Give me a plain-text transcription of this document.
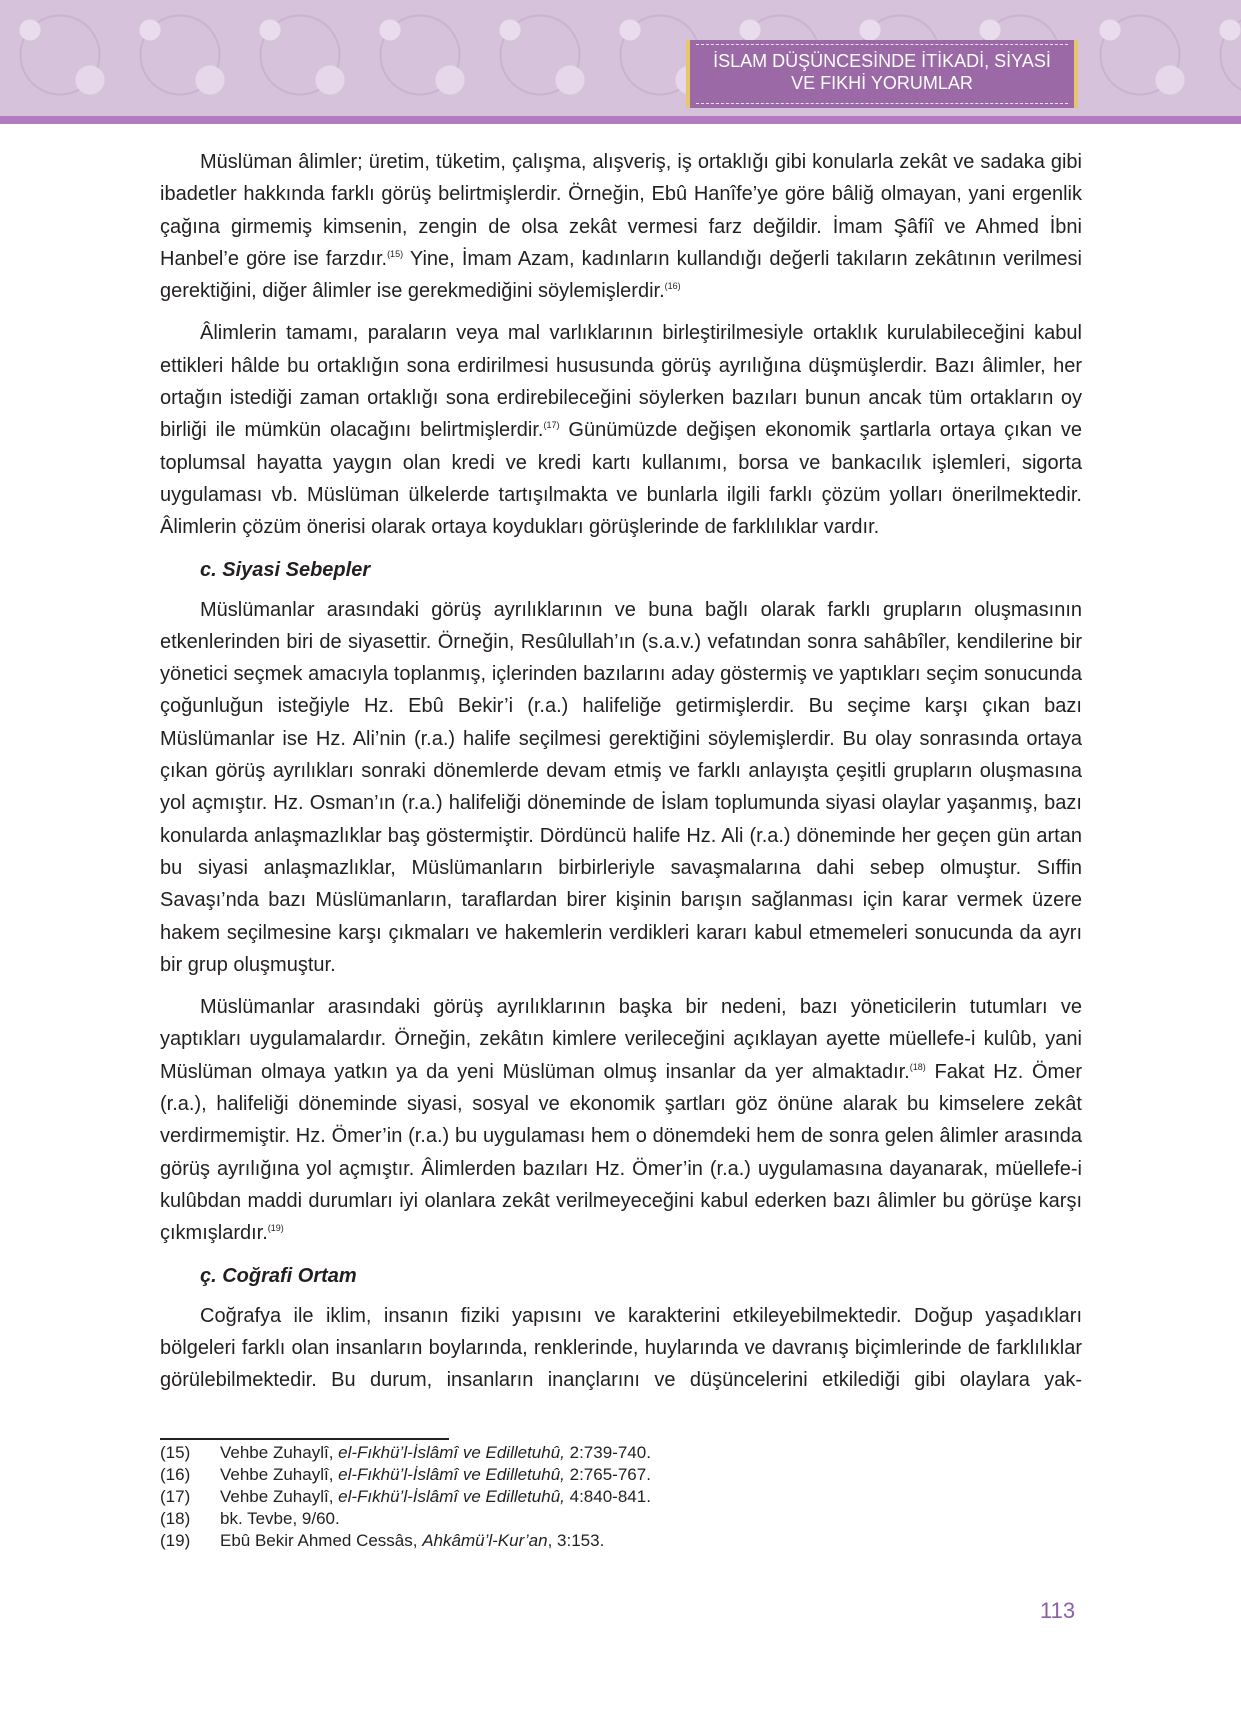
İSLAM DÜŞÜNCESİNDE İTİKADİ, SİYASİ
VE FIKHİ YORUMLAR

Müslüman âlimler; üretim, tüketim, çalışma, alışveriş, iş ortaklığı gibi konularla zekât ve sadaka gibi ibadetler hakkında farklı görüş belirtmişlerdir. Örneğin, Ebû Hanîfe’ye göre bâliğ olmayan, yani ergenlik çağına girmemiş kimsenin, zengin de olsa zekât vermesi farz değildir. İmam Şâfiî ve Ahmed İbni Hanbel’e göre ise farzdır.$^{(15)}$ Yine, İmam Azam, kadınların kullandığı değerli takıların zekâtının verilmesi gerektiğini, diğer âlimler ise gerekmediğini söylemişlerdir.$^{(16)}$

Âlimlerin tamamı, paraların veya mal varlıklarının birleştirilmesiyle ortaklık kurulabileceğini kabul ettikleri hâlde bu ortaklığın sona erdirilmesi hususunda görüş ayrılığına düşmüşlerdir. Bazı âlimler, her ortağın istediği zaman ortaklığı sona erdirebileceğini söylerken bazıları bunun ancak tüm ortakların oy birliği ile mümkün olacağını belirtmişlerdir.$^{(17)}$ Günümüzde değişen ekonomik şartlarla ortaya çıkan ve toplumsal hayatta yaygın olan kredi ve kredi kartı kullanımı, borsa ve bankacılık işlemleri, sigorta uygulaması vb. Müslüman ülkelerde tartışılmakta ve bunlarla ilgili farklı çözüm yolları önerilmektedir. Âlimlerin çözüm önerisi olarak ortaya koydukları görüşlerinde de farklılıklar vardır.

c. Siyasi Sebepler

Müslümanlar arasındaki görüş ayrılıklarının ve buna bağlı olarak farklı grupların oluşmasının etkenlerinden biri de siyasettir. Örneğin, Resûlullah’ın (s.a.v.) vefatından sonra sahâbîler, kendilerine bir yönetici seçmek amacıyla toplanmış, içlerinden bazılarını aday göstermiş ve yaptıkları seçim sonucunda çoğunluğun isteğiyle Hz. Ebû Bekir’i (r.a.) halifeliğe getirmişlerdir. Bu seçime karşı çıkan bazı Müslümanlar ise Hz. Ali’nin (r.a.) halife seçilmesi gerektiğini söylemişlerdir. Bu olay sonrasında ortaya çıkan görüş ayrılıkları sonraki dönemlerde devam etmiş ve farklı anlayışta çeşitli grupların oluşmasına yol açmıştır. Hz. Osman’ın (r.a.) halifeliği döneminde de İslam toplumunda siyasi olaylar yaşanmış, bazı konularda anlaşmazlıklar baş göstermiştir. Dördüncü halife Hz. Ali (r.a.) döneminde her geçen gün artan bu siyasi anlaşmazlıklar, Müslümanların birbirleriyle savaşmalarına dahi sebep olmuştur. Sıffin Savaşı’nda bazı Müslümanların, taraflardan birer kişinin barışın sağlanması için karar vermek üzere hakem seçilmesine karşı çıkmaları ve hakemlerin verdikleri kararı kabul etmemeleri sonucunda da ayrı bir grup oluşmuştur.

Müslümanlar arasındaki görüş ayrılıklarının başka bir nedeni, bazı yöneticilerin tutumları ve yaptıkları uygulamalardır. Örneğin, zekâtın kimlere verileceğini açıklayan ayette müellefe-i kulûb, yani Müslüman olmaya yatkın ya da yeni Müslüman olmuş insanlar da yer almaktadır.$^{(18)}$ Fakat Hz. Ömer (r.a.), halifeliği döneminde siyasi, sosyal ve ekonomik şartları göz önüne alarak bu kimselere zekât verdirmemiştir. Hz. Ömer’in (r.a.) bu uygulaması hem o dönemdeki hem de sonra gelen âlimler arasında görüş ayrılığına yol açmıştır. Âlimlerden bazıları Hz. Ömer’in (r.a.) uygulamasına dayanarak, müellefe-i kulûbdan maddi durumları iyi olanlara zekât verilmeyeceğini kabul ederken bazı âlimler bu görüşe karşı çıkmışlardır.$^{(19)}$

ç. Coğrafi Ortam

Coğrafya ile iklim, insanın fiziki yapısını ve karakterini etkileyebilmektedir. Doğup yaşadıkları bölgeleri farklı olan insanların boylarında, renklerinde, huylarında ve davranış biçimlerinde de farklılıklar görülebilmektedir. Bu durum, insanların inançlarını ve düşüncelerini etkilediği gibi olaylara yak-

(15)	Vehbe Zuhaylî, el-Fıkhü’l-İslâmî ve Edilletuhû, 2:739-740.
(16)	Vehbe Zuhaylî, el-Fıkhü’l-İslâmî ve Edilletuhû, 2:765-767.
(17)	Vehbe Zuhaylî, el-Fıkhü’l-İslâmî ve Edilletuhû, 4:840-841.
(18)	bk. Tevbe, 9/60.
(19)	Ebû Bekir Ahmed Cessâs, Ahkâmü’l-Kur’an, 3:153.
113
